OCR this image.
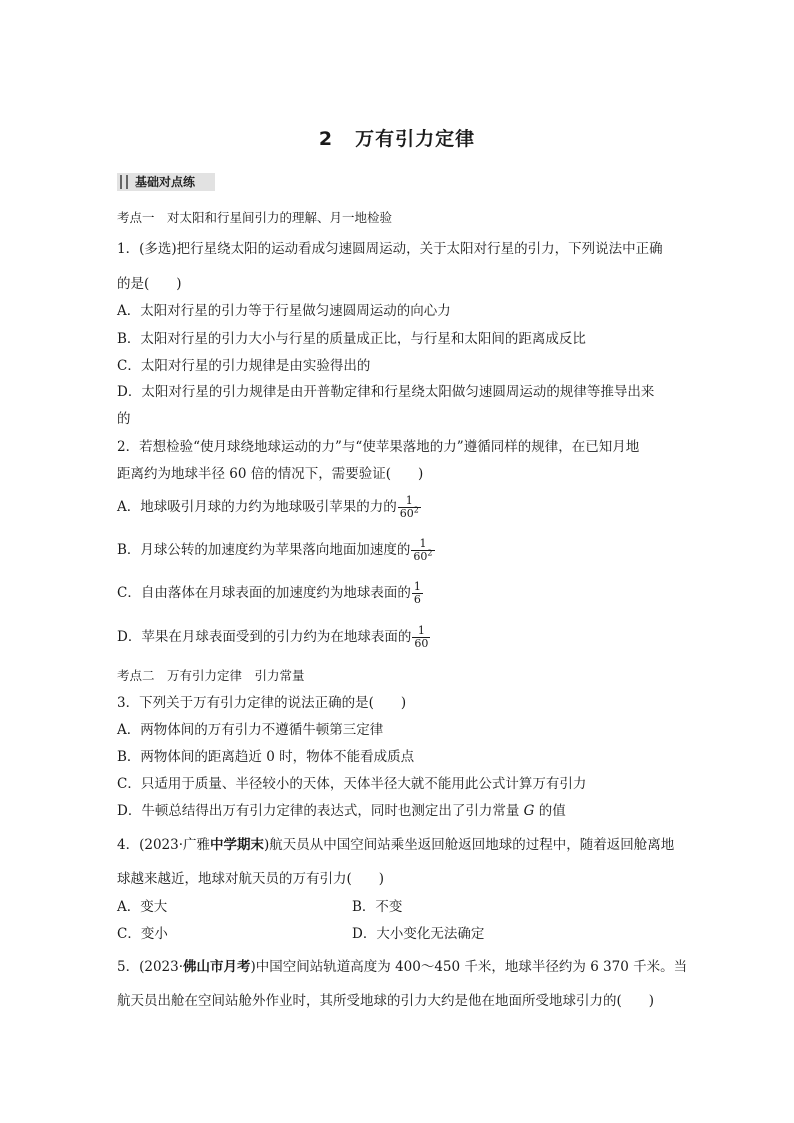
2 万有引力定律
基础对点练
考点一　对太阳和行星间引力的理解、月一地检验
1．(多选)把行星绕太阳的运动看成匀速圆周运动，关于太阳对行星的引力，下列说法中正确
的是(　　)
A．太阳对行星的引力等于行星做匀速圆周运动的向心力
B．太阳对行星的引力大小与行星的质量成正比，与行星和太阳间的距离成反比
C．太阳对行星的引力规律是由实验得出的
D．太阳对行星的引力规律是由开普勒定律和行星绕太阳做匀速圆周运动的规律等推导出来
的
2．若想检验“使月球绕地球运动的力”与“使苹果落地的力”遵循同样的规律，在已知月地
距离约为地球半径 60 倍的情况下，需要验证(　　)
A．地球吸引月球的力约为地球吸引苹果的力的 $\frac{1}{60^2}$
B．月球公转的加速度约为苹果落向地面加速度的 $\frac{1}{60^2}$
C．自由落体在月球表面的加速度约为地球表面的 $\frac{1}{6}$
D．苹果在月球表面受到的引力约为在地球表面的 $\frac{1}{60}$
考点二　万有引力定律　引力常量
3．下列关于万有引力定律的说法正确的是(　　)
A．两物体间的万有引力不遵循牛顿第三定律
B．两物体间的距离趋近 0 时，物体不能看成质点
C．只适用于质量、半径较小的天体，天体半径大就不能用此公式计算万有引力
D．牛顿总结得出万有引力定律的表达式，同时也测定出了引力常量 G 的值
4．(2023·广雅中学期末)航天员从中国空间站乘坐返回舱返回地球的过程中，随着返回舱离地
球越来越近，地球对航天员的万有引力(　　)
A．变大	B．不变
C．变小	D．大小变化无法确定
5．(2023·佛山市月考)中国空间站轨道高度为 400～450 千米，地球半径约为 6 370 千米。当
航天员出舱在空间站舱外作业时，其所受地球的引力大约是他在地面所受地球引力的(　　)
